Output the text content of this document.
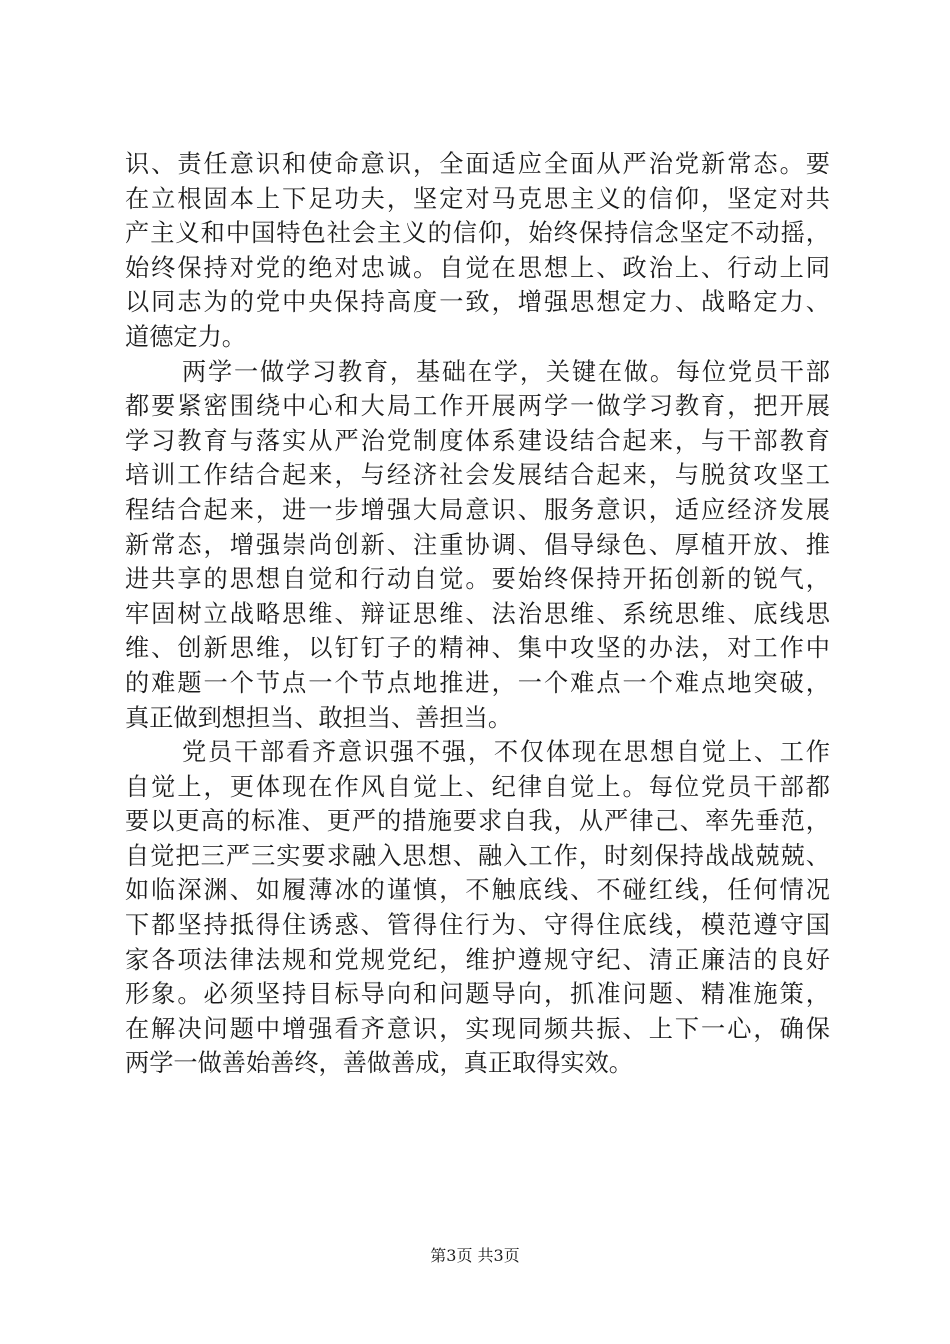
识、责任意识和使命意识，全面适应全面从严治党新常态。要
在立根固本上下足功夫，坚定对马克思主义的信仰，坚定对共
产主义和中国特色社会主义的信仰，始终保持信念坚定不动摇，
始终保持对党的绝对忠诚。自觉在思想上、政治上、行动上同
以同志为的党中央保持高度一致，增强思想定力、战略定力、
道德定力。
两学一做学习教育，基础在学，关键在做。每位党员干部
都要紧密围绕中心和大局工作开展两学一做学习教育，把开展
学习教育与落实从严治党制度体系建设结合起来，与干部教育
培训工作结合起来，与经济社会发展结合起来，与脱贫攻坚工
程结合起来，进一步增强大局意识、服务意识，适应经济发展
新常态，增强崇尚创新、注重协调、倡导绿色、厚植开放、推
进共享的思想自觉和行动自觉。要始终保持开拓创新的锐气，
牢固树立战略思维、辩证思维、法治思维、系统思维、底线思
维、创新思维，以钉钉子的精神、集中攻坚的办法，对工作中
的难题一个节点一个节点地推进，一个难点一个难点地突破，
真正做到想担当、敢担当、善担当。
党员干部看齐意识强不强，不仅体现在思想自觉上、工作
自觉上，更体现在作风自觉上、纪律自觉上。每位党员干部都
要以更高的标准、更严的措施要求自我，从严律己、率先垂范，
自觉把三严三实要求融入思想、融入工作，时刻保持战战兢兢、
如临深渊、如履薄冰的谨慎，不触底线、不碰红线，任何情况
下都坚持抵得住诱惑、管得住行为、守得住底线，模范遵守国
家各项法律法规和党规党纪，维护遵规守纪、清正廉洁的良好
形象。必须坚持目标导向和问题导向，抓准问题、精准施策，
在解决问题中增强看齐意识，实现同频共振、上下一心，确保
两学一做善始善终，善做善成，真正取得实效。
第3页 共3页
